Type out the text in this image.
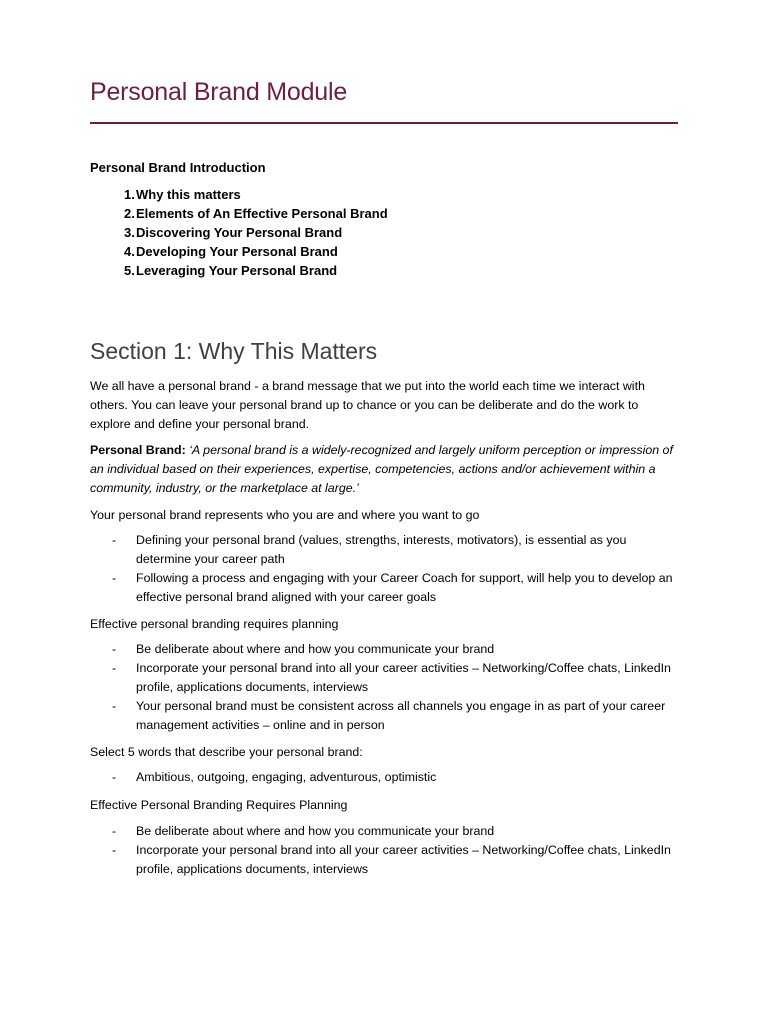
Personal Brand Module

Personal Brand Introduction

1. Why this matters
2. Elements of An Effective Personal Brand
3. Discovering Your Personal Brand
4. Developing Your Personal Brand
5. Leveraging Your Personal Brand
Section 1: Why This Matters

We all have a personal brand - a brand message that we put into the world each time we interact with others. You can leave your personal brand up to chance or you can be deliberate and do the work to explore and define your personal brand.

Personal Brand: ‘A personal brand is a widely-recognized and largely uniform perception or impression of an individual based on their experiences, expertise, competencies, actions and/or achievement within a community, industry, or the marketplace at large.’

Your personal brand represents who you are and where you want to go

- Defining your personal brand (values, strengths, interests, motivators), is essential as you determine your career path
- Following a process and engaging with your Career Coach for support, will help you to develop an effective personal brand aligned with your career goals

Effective personal branding requires planning

- Be deliberate about where and how you communicate your brand
- Incorporate your personal brand into all your career activities – Networking/Coffee chats, LinkedIn profile, applications documents, interviews
- Your personal brand must be consistent across all channels you engage in as part of your career management activities – online and in person

Select 5 words that describe your personal brand:

- Ambitious, outgoing, engaging, adventurous, optimistic

Effective Personal Branding Requires Planning

- Be deliberate about where and how you communicate your brand
- Incorporate your personal brand into all your career activities – Networking/Coffee chats, LinkedIn profile, applications documents, interviews
